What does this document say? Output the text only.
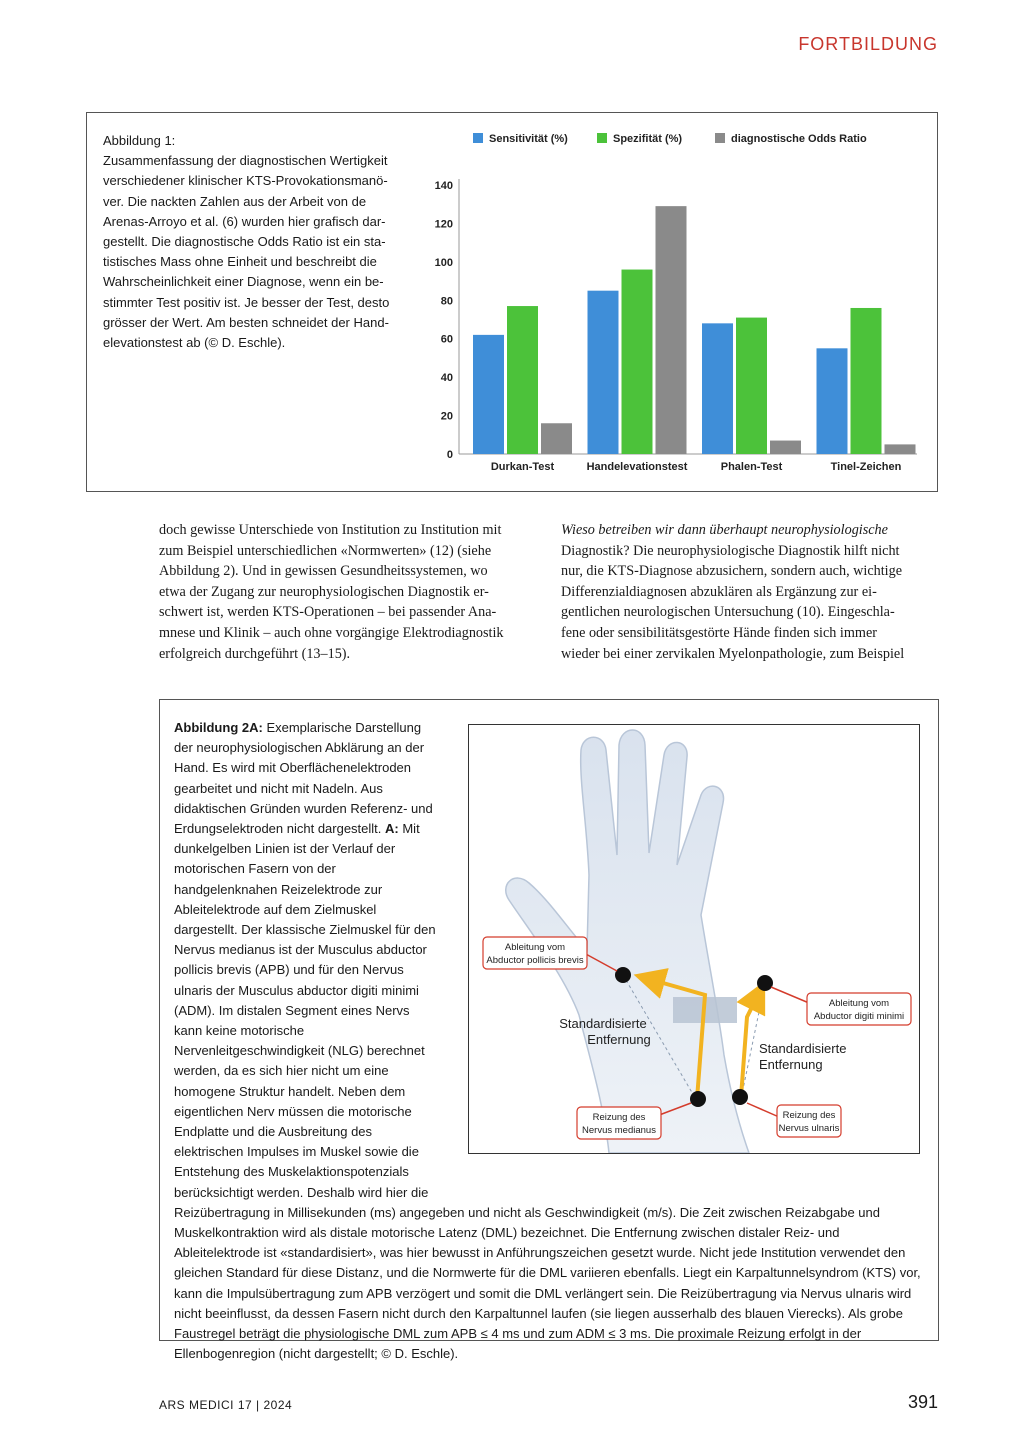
FORTBILDUNG
Abbildung 1:
Zusammenfassung der diagnostischen Wertigkeit
verschiedener klinischer KTS-Provokationsmanö-
ver. Die nackten Zahlen aus der Arbeit von de
Arenas-Arroyo et al. (6) wurden hier grafisch dar-
gestellt. Die diagnostische Odds Ratio ist ein sta-
tistisches Mass ohne Einheit und beschreibt die
Wahrscheinlichkeit einer Diagnose, wenn ein be-
stimmter Test positiv ist. Je besser der Test, desto
grösser der Wert. Am besten schneidet der Hand-
elevationstest ab (© D. Eschle).
Sensitivität (%)	Spezifität (%)	diagnostische Odds Ratio
0
20
40
60
80
100
120
140
Durkan-Test	Handelevationstest	Phalen-Test	Tinel-Zeichen
doch gewisse Unterschiede von Institution zu Institution mit
zum Beispiel unterschiedlichen «Normwerten» (12) (siehe
Abbildung 2). Und in gewissen Gesundheitssystemen, wo
etwa der Zugang zur neurophysiologischen Diagnostik er-
schwert ist, werden KTS-Operationen – bei passender Ana-
mnese und Klinik – auch ohne vorgängige Elektrodiagnostik
erfolgreich durchgeführt (13–15).
Wieso betreiben wir dann überhaupt neurophysiologische
Diagnostik? Die neurophysiologische Diagnostik hilft nicht
nur, die KTS-Diagnose abzusichern, sondern auch, wichtige
Differenzialdiagnosen abzuklären als Ergänzung zur ei-
gentlichen neurologischen Untersuchung (10). Eingeschla-
fene oder sensibilitätsgestörte Hände finden sich immer
wieder bei einer zervikalen Myelonpathologie, zum Beispiel
Abbildung 2A: Exemplarische Darstellung der neurophysiologischen Abklärung an der Hand. Es wird mit Oberflächenelektroden gearbeitet und nicht mit Nadeln. Aus didaktischen Gründen wurden Referenz- und Erdungselektroden nicht dargestellt. A: Mit dunkelgelben Linien ist der Verlauf der motorischen Fasern von der handgelenknahen Reizelektrode zur Ableitelektrode auf dem Zielmuskel dargestellt. Der klassische Zielmuskel für den Nervus medianus ist der Musculus abductor pollicis brevis (APB) und für den Nervus ulnaris der Musculus abductor digiti minimi (ADM). Im distalen Segment eines Nervs kann keine motorische Nervenleitgeschwindigkeit (NLG) berechnet werden, da es sich hier nicht um eine homogene Struktur handelt. Neben dem eigentlichen Nerv müssen die motorische Endplatte und die Ausbreitung des elektrischen Impulses im Muskel sowie die Entstehung des Muskelaktionspotenzials berücksichtigt werden. Deshalb wird hier die Reizübertragung in Millisekunden (ms) angegeben und nicht als Geschwindigkeit (m/s). Die Zeit zwischen Reizabgabe und Muskelkontraktion wird als distale motorische Latenz (DML) bezeichnet. Die Entfernung zwischen distaler Reiz- und Ableitelektrode ist «standardisiert», was hier bewusst in Anführungszeichen gesetzt wurde. Nicht jede Institution verwendet den gleichen Standard für diese Distanz, und die Normwerte für die DML variieren ebenfalls. Liegt ein Karpaltunnelsyndrom (KTS) vor, kann die Impulsübertragung zum APB verzögert und somit die DML verlängert sein. Die Reizübertragung via Nervus ulnaris wird nicht beeinflusst, da dessen Fasern nicht durch den Karpaltunnel laufen (sie liegen ausserhalb des blauen Vierecks). Als grobe Faustregel beträgt die physiologische DML zum APB ≤ 4 ms und zum ADM ≤ 3 ms. Die proximale Reizung erfolgt in der Ellenbogenregion (nicht dargestellt; © D. Eschle).
Ableitung vom
Abductor pollicis brevis
Ableitung vom
Abductor digiti minimi
Reizung des
Nervus medianus
Reizung des
Nervus ulnaris
Standardisierte
Entfernung
Standardisierte
Entfernung
ARS MEDICI 17 | 2024	391
